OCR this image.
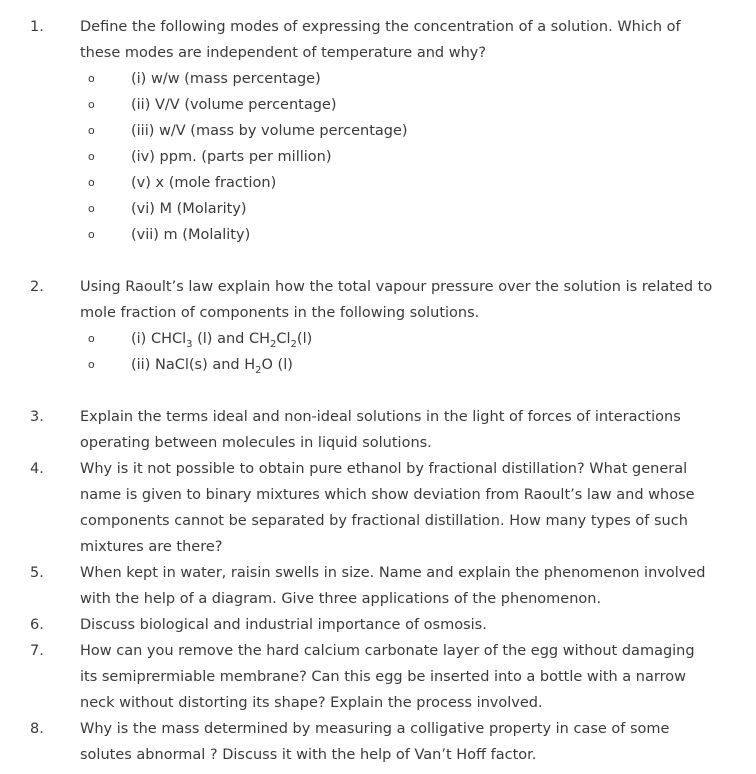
1. Define the following modes of expressing the concentration of a solution. Which of
these modes are independent of temperature and why?
o	(i) w/w (mass percentage)
o	(ii) V/V (volume percentage)
o	(iii) w/V (mass by volume percentage)
o	(iv) ppm. (parts per million)
o	(v) x (mole fraction)
o	(vi) M (Molarity)
o	(vii) m (Molality)
2. Using Raoult’s law explain how the total vapour pressure over the solution is related to
mole fraction of components in the following solutions.
o	(i) CHCl$_3$ (l) and $CH_2Cl_2(l)$
o	(ii) NaCl(s) and $H_2O$ (l)
3. Explain the terms ideal and non-ideal solutions in the light of forces of interactions
operating between molecules in liquid solutions.
4. Why is it not possible to obtain pure ethanol by fractional distillation? What general
name is given to binary mixtures which show deviation from Raoult’s law and whose
components cannot be separated by fractional distillation. How many types of such
mixtures are there?
5. When kept in water, raisin swells in size. Name and explain the phenomenon involved
with the help of a diagram. Give three applications of the phenomenon.
6. Discuss biological and industrial importance of osmosis.
7. How can you remove the hard calcium carbonate layer of the egg without damaging
its semiprermiable membrane? Can this egg be inserted into a bottle with a narrow
neck without distorting its shape? Explain the process involved.
8. Why is the mass determined by measuring a colligative property in case of some
solutes abnormal ? Discuss it with the help of Van’t Hoff factor.
